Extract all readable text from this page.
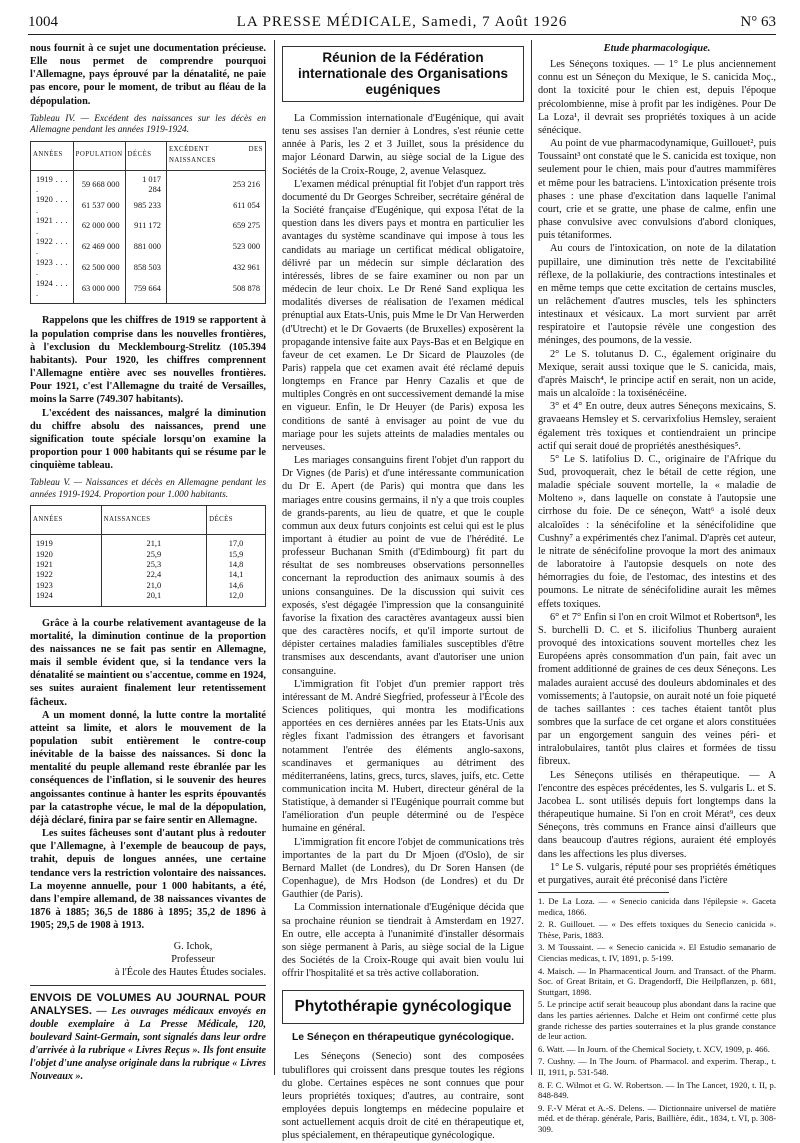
1004	LA PRESSE MÉDICALE, Samedi, 7 Août 1926	N° 63

nous fournit à ce sujet une documentation précieuse. Elle nous permet de comprendre pourquoi l'Allemagne, pays éprouvé par la dénatalité, ne paie pas encore, pour le moment, de tribut au fléau de la dépopulation.

Tableau IV. — Excédent des naissances sur les décès en Allemagne pendant les années 1919-1924.

ANNÉES	POPULATION	DÉCÈS	EXCÉDENT DES NAISSANCES
1919 . . . .	59 668 000	1 017 284	253 216
1920 . . . .	61 537 000	985 233	611 054
1921 . . . .	62 000 000	911 172	659 275
1922 . . . .	62 469 000	881 000	523 000
1923 . . . .	62 500 000	858 503	432 961
1924 . . . .	63 000 000	759 664	508 878

Rappelons que les chiffres de 1919 se rapportent à la population comprise dans les nouvelles frontières, à l'exclusion du Mecklembourg-Strelitz (105.394 habitants). Pour 1920, les chiffres comprennent l'Allemagne entière avec ses nouvelles frontières. Pour 1921, c'est l'Allemagne du traité de Versailles, moins la Sarre (749.307 habitants).

L'excédent des naissances, malgré la diminution du chiffre absolu des naissances, prend une signification toute spéciale lorsqu'on examine la proportion pour 1 000 habitants qui se résume par le cinquième tableau.

Tableau V. — Naissances et décès en Allemagne pendant les années 1919-1924. Proportion pour 1.000 habitants.

ANNÉES	NAISSANCES	DÉCÈS
1919	21,1	17,0
1920	25,9	15,9
1921	25,3	14,8
1922	22,4	14,1
1923	21,0	14,6
1924	20,1	12,0

Grâce à la courbe relativement avantageuse de la mortalité, la diminution continue de la proportion des naissances ne se fait pas sentir en Allemagne, mais il semble évident que, si la tendance vers la dénatalité se maintient ou s'accentue, comme en 1924, ses suites auraient finalement leur retentissement fâcheux.

A un moment donné, la lutte contre la mortalité atteint sa limite, et alors le mouvement de la population subit entièrement le contre-coup inévitable de la baisse des naissances. Si donc la mentalité du peuple allemand reste ébranlée par les conséquences de l'inflation, si le souvenir des heures angoissantes continue à hanter les esprits épouvantés par la catastrophe vécue, le mal de la dépopulation, déjà déclaré, finira par se faire sentir en Allemagne.

Les suites fâcheuses sont d'autant plus à redouter que l'Allemagne, à l'exemple de beaucoup de pays, trahit, depuis de longues années, une certaine tendance vers la restriction volontaire des naissances. La moyenne annuelle, pour 1 000 habitants, a été, dans l'empire allemand, de 38 naissances vivantes de 1876 à 1885; 36,5 de 1886 à 1895; 35,2 de 1896 à 1905; 29,5 de 1908 à 1913.

G. Ichok,
Professeur
à l'École des Hautes Études sociales.

ENVOIS DE VOLUMES AU JOURNAL POUR ANALYSES. — Les ouvrages médicaux envoyés en double exemplaire à La Presse Médicale, 120, boulevard Saint-Germain, sont signalés dans leur ordre d'arrivée à la rubrique « Livres Reçus ». Ils font ensuite l'objet d'une analyse originale dans la rubrique « Livres Nouveaux ».

Réunion de la Fédération internationale des Organisations eugéniques

La Commission internationale d'Eugénique, qui avait tenu ses assises l'an dernier à Londres, s'est réunie cette année à Paris, les 2 et 3 Juillet, sous la présidence du major Léonard Darwin, au siège social de la Ligue des Sociétés de la Croix-Rouge, 2, avenue Velasquez.

L'examen médical prénuptial fit l'objet d'un rapport très documenté du Dr Georges Schreiber, secrétaire général de la Société française d'Eugénique, qui exposa l'état de la question dans les divers pays et montra en particulier les avantages du système scandinave qui impose à tous les candidats au mariage un certificat médical obligatoire, délivré par un médecin sur simple déclaration des intéressés, libres de se faire examiner ou non par un médecin de leur choix. Le Dr René Sand expliqua les modalités diverses de réalisation de l'examen médical prénuptial aux Etats-Unis, puis Mme le Dr Van Herwerden (d'Utrecht) et le Dr Govaerts (de Bruxelles) exposèrent la propagande intensive faite aux Pays-Bas et en Belgique en faveur de cet examen. Le Dr Sicard de Plauzoles (de Paris) rappela que cet examen avait été réclamé depuis longtemps en France par Henry Cazalis et que de multiples Congrès en ont successivement demandé la mise en vigueur. Enfin, le Dr Heuyer (de Paris) exposa les conditions de santé à envisager au point de vue du mariage pour les sujets atteints de maladies mentales ou nerveuses.

Les mariages consanguins firent l'objet d'un rapport du Dr Vignes (de Paris) et d'une intéressante communication du Dr E. Apert (de Paris) qui montra que dans les mariages entre cousins germains, il n'y a que trois couples de grands-parents, au lieu de quatre, et que le couple commun aux deux futurs conjoints est celui qui est le plus important à étudier au point de vue de l'hérédité. Le professeur Buchanan Smith (d'Edimbourg) fit part du résultat de ses nombreuses observations personnelles concernant la reproduction des animaux soumis à des unions consanguines. De la discussion qui suivit ces exposés, s'est dégagée l'impression que la consanguinité favorise la fixation des caractères avantageux aussi bien que des caractères nocifs, et qu'il importe surtout de dépister certaines maladies familiales susceptibles d'être transmises aux descendants, avant d'autoriser une union consanguine.

L'immigration fit l'objet d'un premier rapport très intéressant de M. André Siegfried, professeur à l'École des Sciences politiques, qui montra les modifications apportées en ces dernières années par les Etats-Unis aux règles fixant l'admission des étrangers et favorisant notamment l'entrée des éléments anglo-saxons, scandinaves et germaniques au détriment des méditerranéens, latins, grecs, turcs, slaves, juifs, etc. Cette communication incita M. Hubert, directeur général de la Statistique, à demander si l'Eugénique pourrait comme but l'amélioration d'un peuple déterminé ou de l'espèce humaine en général.

L'immigration fit encore l'objet de communications très importantes de la part du Dr Mjoen (d'Oslo), de sir Bernard Mallet (de Londres), du Dr Soren Hansen (de Copenhague), de Mrs Hodson (de Londres) et du Dr Gauthier (de Paris).

La Commission internationale d'Eugénique décida que sa prochaine réunion se tiendrait à Amsterdam en 1927. En outre, elle accepta à l'unanimité d'installer désormais son siège permanent à Paris, au siège social de la Ligue des Sociétés de la Croix-Rouge qui avait bien voulu lui offrir l'hospitalité et sa très active collaboration.

Phytothérapie gynécologique
Le Séneçon en thérapeutique gynécologique.

Les Séneçons (Senecio) sont des composées tubuliflores qui croissent dans presque toutes les régions du globe. Certaines espèces ne sont connues que pour leurs propriétés toxiques; d'autres, au contraire, sont employées depuis longtemps en médecine populaire et sont actuellement acquis droit de cité en thérapeutique et, plus spécialement, en thérapeutique gynécologique.

Etude pharmacologique.

Les Séneçons toxiques. — 1° Le plus anciennement connu est un Séneçon du Mexique, le S. canicida Moç., dont la toxicité pour le chien est, depuis l'époque précolombienne, mise à profit par les indigènes. Pour De La Loza¹, il devrait ses propriétés toxiques à un acide sénécique.

Au point de vue pharmacodynamique, Guillouet², puis Toussaint³ ont constaté que le S. canicida est toxique, non seulement pour le chien, mais pour d'autres mammifères et même pour les batraciens. L'intoxication présente trois phases : une phase d'excitation dans laquelle l'animal court, crie et se gratte, une phase de calme, enfin une phase convulsive avec convulsions d'abord cloniques, puis tétaniformes.

Au cours de l'intoxication, on note de la dilatation pupillaire, une diminution très nette de l'excitabilité réflexe, de la pollakiurie, des contractions intestinales et en même temps que cette excitation de certains muscles, un relâchement d'autres muscles, tels les sphincters intestinaux et vésicaux. La mort survient par arrêt respiratoire et l'autopsie révèle une congestion des méninges, des poumons, de la vessie.

2° Le S. tolutanus D. C., également originaire du Mexique, serait aussi toxique que le S. canicida, mais, d'après Maisch⁴, le principe actif en serait, non un acide, mais un alcaloïde : la toxisénécéine.

3° et 4° En outre, deux autres Séneçons mexicains, S. gravaeans Hemsley et S. cervarixfolius Hemsley, seraient également très toxiques et contiendraient un principe actif qui serait doué de propriétés anesthésiques⁵.

5° Le S. latifolius D. C., originaire de l'Afrique du Sud, provoquerait, chez le bétail de cette région, une maladie spéciale souvent mortelle, la « maladie de Molteno », dans laquelle on constate à l'autopsie une cirrhose du foie. De ce séneçon, Watt⁶ a isolé deux alcaloïdes : la sénécifoline et la sénécifolidine que Cushny⁷ a expérimentés chez l'animal. D'après cet auteur, le nitrate de sénécifoline provoque la mort des animaux de laboratoire à l'autopsie desquels on note des hémorragies du foie, de l'estomac, des intestins et des poumons. Le nitrate de sénécifolidine aurait les mêmes effets toxiques.

6° et 7° Enfin si l'on en croit Wilmot et Robertson⁸, les S. burchelli D. C. et S. ilicifolius Thunberg auraient provoqué des intoxications souvent mortelles chez les Européens après consommation d'un pain, fait avec un froment additionné de graines de ces deux Séneçons. Les malades auraient accusé des douleurs abdominales et des vomissements; à l'autopsie, on aurait noté un foie piqueté de taches saillantes : ces taches étaient tantôt plus sombres que la surface de cet organe et alors constituées par un engorgement sanguin des veines péri- et intralobulaires, tantôt plus claires et formées de tissu fibreux.

Les Séneçons utilisés en thérapeutique. — A l'encontre des espèces précédentes, les S. vulgaris L. et S. Jacobea L. sont utilisés depuis fort longtemps dans la thérapeutique humaine. Si l'on en croit Mérat⁹, ces deux Séneçons, très communs en France ainsi d'ailleurs que dans beaucoup d'autres régions, auraient été employés dans les affections les plus diverses.

1° Le S. vulgaris, réputé pour ses propriétés émétiques et purgatives, aurait été préconisé dans l'ictère

1. De La Loza. — « Senecio canicida dans l'épilepsie ». Gaceta medica, 1866.

2. R. Guillouet. — « Des effets toxiques du Senecio canicida ». Thèse, Paris, 1883.

3. M Toussaint. — « Senecio canicida ». El Estudio semanario de Ciencias medicas, t. IV, 1891, p. 5-199.

4. Maisch. — In Pharmacentical Journ. and Transact. of the Pharm. Soc. of Great Britain, et G. Dragendorff, Die Heilpflanzen, p. 681, Stuttgart, 1898.

5. Le principe actif serait beaucoup plus abondant dans la racine que dans les parties aériennes. Dalche et Heim ont confirmé cette plus grande richesse des parties souterraines et la plus grande constance de leur action.

6. Watt. — In Journ. of the Chemical Society, t. XCV, 1909, p. 466.

7. Cushny. — In The Journ. of Pharmacol. and experim. Therap., t. II, 1911, p. 531-548.

8. F. C. Wilmot et G. W. Robertson. — In The Lancet, 1920, t. II, p. 848-849.

9. F.-V Mérat et A.-S. Delens. — Dictionnaire universel de matière méd. et de thérap. générale, Paris, Baillière, édit., 1834, t. VI, p. 308-309.
